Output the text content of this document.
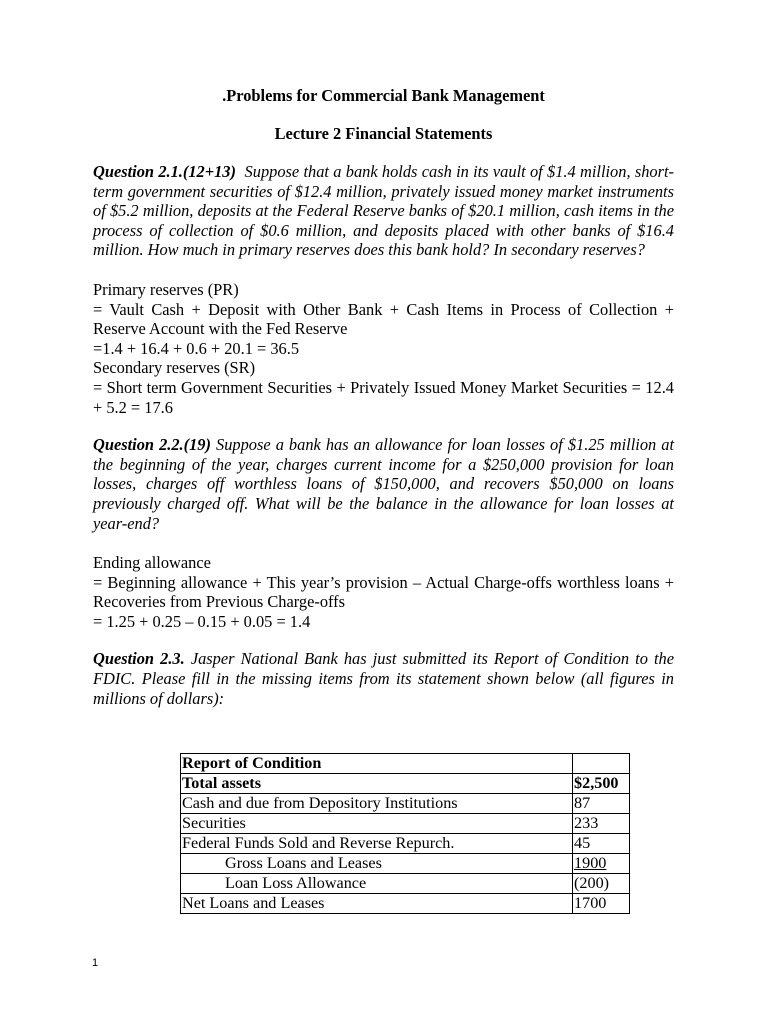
.Problems for Commercial Bank Management

Lecture 2 Financial Statements

Question 2.1.(12+13) Suppose that a bank holds cash in its vault of $1.4 million, short-term government securities of $12.4 million, privately issued money market instruments of $5.2 million, deposits at the Federal Reserve banks of $20.1 million, cash items in the process of collection of $0.6 million, and deposits placed with other banks of $16.4 million. How much in primary reserves does this bank hold? In secondary reserves?

Primary reserves (PR)

= Vault Cash + Deposit with Other Bank + Cash Items in Process of Collection + Reserve Account with the Fed Reserve

=1.4 + 16.4 + 0.6 + 20.1 = 36.5

Secondary reserves (SR)

= Short term Government Securities + Privately Issued Money Market Securities = 12.4 + 5.2 = 17.6

Question 2.2.(19) Suppose a bank has an allowance for loan losses of $1.25 million at the beginning of the year, charges current income for a $250,000 provision for loan losses, charges off worthless loans of $150,000, and recovers $50,000 on loans previously charged off. What will be the balance in the allowance for loan losses at year-end?

Ending allowance

= Beginning allowance + This year’s provision – Actual Charge-offs worthless loans + Recoveries from Previous Charge-offs

= 1.25 + 0.25 – 0.15 + 0.05 = 1.4

Question 2.3. Jasper National Bank has just submitted its Report of Condition to the FDIC. Please fill in the missing items from its statement shown below (all figures in millions of dollars):

Report of Condition	
Total assets	$2,500
Cash and due from Depository Institutions	87
Securities	233
Federal Funds Sold and Reverse Repurch.	45
Gross Loans and Leases	1900
Loan Loss Allowance	(200)
Net Loans and Leases	1700
1
